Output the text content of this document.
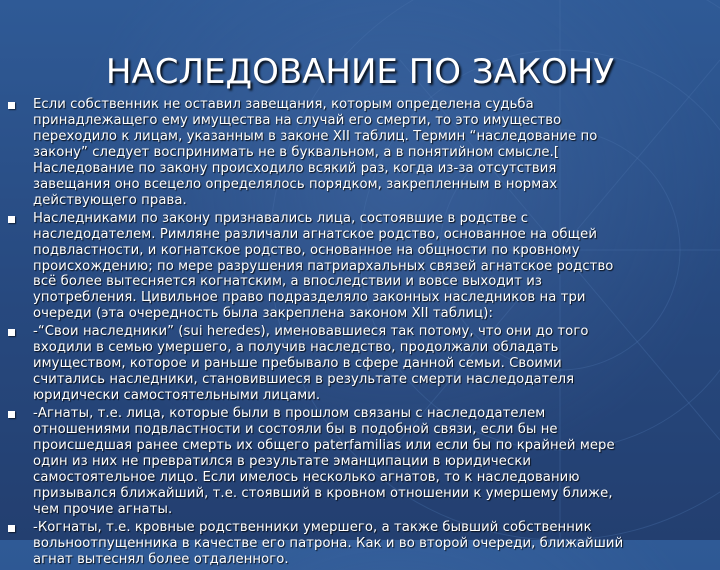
НАСЛЕДОВАНИЕ ПО ЗАКОНУ
Если собственник не оставил завещания, которым определена судьба
принадлежащего ему имущества на случай его смерти, то это имущество
переходило к лицам, указанным в законе XII таблиц. Термин “наследование по
закону” следует воспринимать не в буквальном, а в понятийном смысле.[
Наследование по закону происходило всякий раз, когда из-за отсутствия
завещания оно всецело определялось порядком, закрепленным в нормах
действующего права.
Наследниками по закону признавались лица, состоявшие в родстве с
наследодателем. Римляне различали агнатское родство, основанное на общей
подвластности, и когнатское родство, основанное на общности по кровному
происхождению; по мере разрушения патриархальных связей агнатское родство
всё более вытесняется когнатским, а впоследствии и вовсе выходит из
употребления. Цивильное право подразделяло законных наследников на три
очереди (эта очередность была закреплена законом XII таблиц):
-“Свои наследники” (sui heredes), именовавшиеся так потому, что они до того
входили в семью умершего, а получив наследство, продолжали обладать
имуществом, которое и раньше пребывало в сфере данной семьи. Своими
считались наследники, становившиеся в результате смерти наследодателя
юридически самостоятельными лицами.
-Агнаты, т.е. лица, которые были в прошлом связаны с наследодателем
отношениями подвластности и состояли бы в подобной связи, если бы не
происшедшая ранее смерть их общего paterfamilias или если бы по крайней мере
один из них не превратился в результате эманципации в юридически
самостоятельное лицо. Если имелось несколько агнатов, то к наследованию
призывался ближайший, т.е. стоявший в кровном отношении к умершему ближе,
чем прочие агнаты.
-Когнаты, т.е. кровные родственники умершего, а также бывший собственник
вольноотпущенника в качестве его патрона. Как и во второй очереди, ближайший
агнат вытеснял более отдаленного.
